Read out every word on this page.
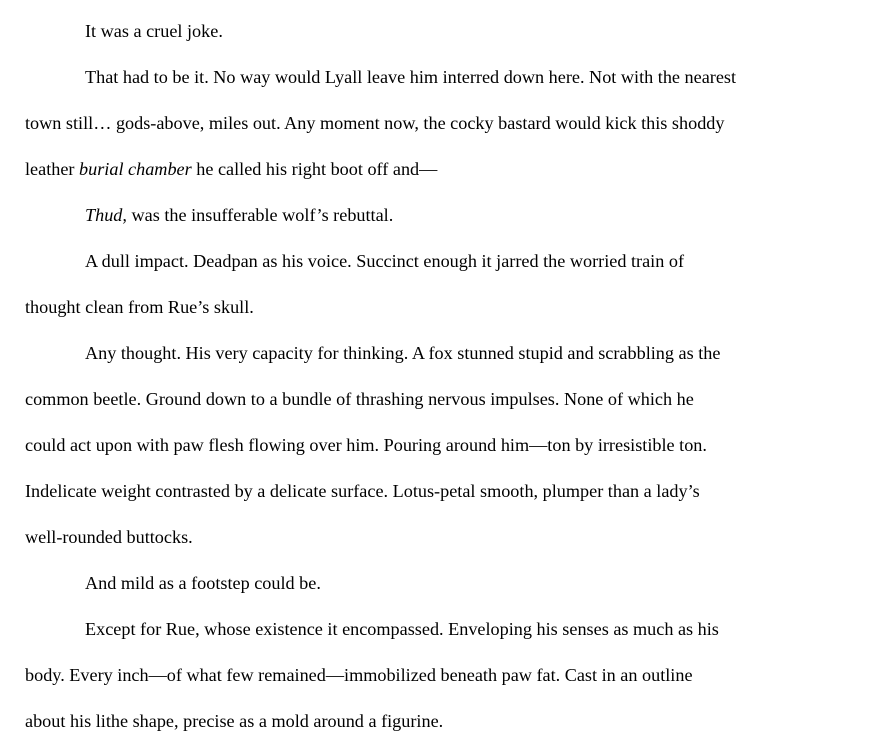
It was a cruel joke.

That had to be it. No way would Lyall leave him interred down here. Not with the nearest
town still… gods-above, miles out. Any moment now, the cocky bastard would kick this shoddy
leather burial chamber he called his right boot off and—

Thud, was the insufferable wolf’s rebuttal.

A dull impact. Deadpan as his voice. Succinct enough it jarred the worried train of
thought clean from Rue’s skull.

Any thought. His very capacity for thinking. A fox stunned stupid and scrabbling as the
common beetle. Ground down to a bundle of thrashing nervous impulses. None of which he
could act upon with paw flesh flowing over him. Pouring around him—ton by irresistible ton.
Indelicate weight contrasted by a delicate surface. Lotus-petal smooth, plumper than a lady’s
well-rounded buttocks.

And mild as a footstep could be.

Except for Rue, whose existence it encompassed. Enveloping his senses as much as his
body. Every inch—of what few remained—immobilized beneath paw fat. Cast in an outline
about his lithe shape, precise as a mold around a figurine.
